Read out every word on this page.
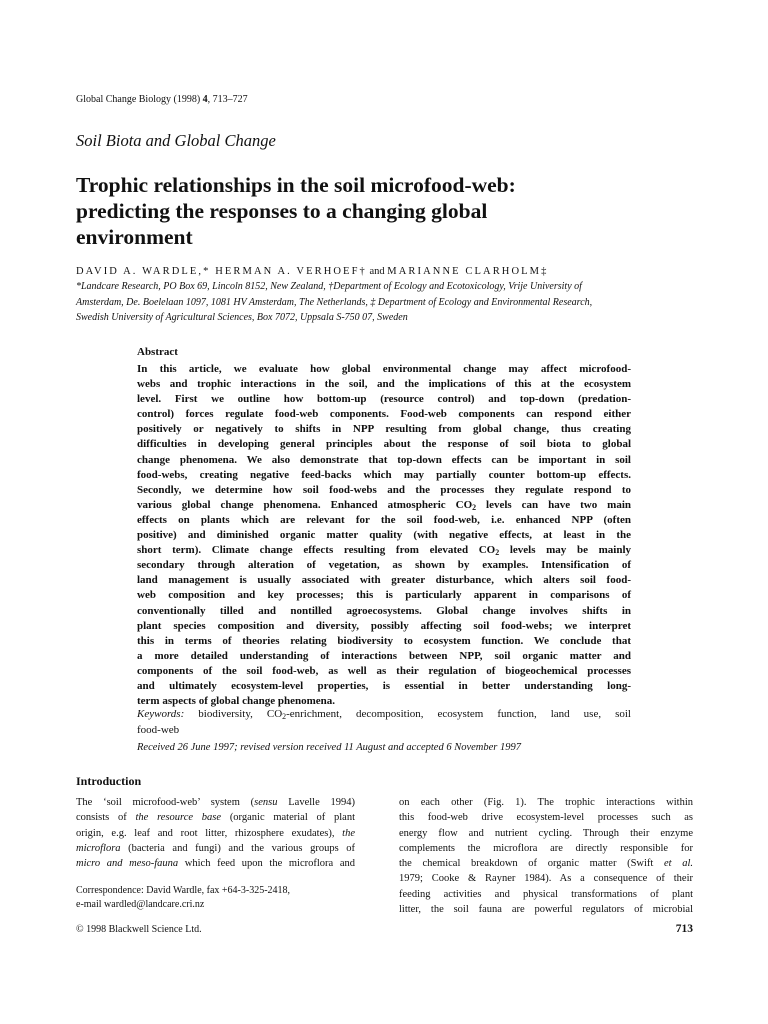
Global Change Biology (1998) 4, 713–727
Soil Biota and Global Change
Trophic relationships in the soil microfood-web:
predicting the responses to a changing global
environment
DAVID A. WARDLE,* HERMAN A. VERHOEF† and MARIANNE CLARHOLM‡
*Landcare Research, PO Box 69, Lincoln 8152, New Zealand, †Department of Ecology and Ecotoxicology, Vrije University of
Amsterdam, De. Boelelaan 1097, 1081 HV Amsterdam, The Netherlands, ‡ Department of Ecology and Environmental Research,
Swedish University of Agricultural Sciences, Box 7072, Uppsala S-750 07, Sweden
Abstract
In this article, we evaluate how global environmental change may affect microfood-
webs and trophic interactions in the soil, and the implications of this at the ecosystem
level. First we outline how bottom-up (resource control) and top-down (predation-
control) forces regulate food-web components. Food-web components can respond either
positively or negatively to shifts in NPP resulting from global change, thus creating
difficulties in developing general principles about the response of soil biota to global
change phenomena. We also demonstrate that top-down effects can be important in soil
food-webs, creating negative feed-backs which may partially counter bottom-up effects.
Secondly, we determine how soil food-webs and the processes they regulate respond to
various global change phenomena. Enhanced atmospheric $CO_2$ levels can have two main
effects on plants which are relevant for the soil food-web, i.e. enhanced NPP (often
positive) and diminished organic matter quality (with negative effects, at least in the
short term). Climate change effects resulting from elevated $CO_2$ levels may be mainly
secondary through alteration of vegetation, as shown by examples. Intensification of
land management is usually associated with greater disturbance, which alters soil food-
web composition and key processes; this is particularly apparent in comparisons of
conventionally tilled and nontilled agroecosystems. Global change involves shifts in
plant species composition and diversity, possibly affecting soil food-webs; we interpret
this in terms of theories relating biodiversity to ecosystem function. We conclude that
a more detailed understanding of interactions between NPP, soil organic matter and
components of the soil food-web, as well as their regulation of biogeochemical processes
and ultimately ecosystem-level properties, is essential in better understanding long-
term aspects of global change phenomena.
Keywords: biodiversity, $CO_2$-enrichment, decomposition, ecosystem function, land use, soil
food-web
Received 26 June 1997; revised version received 11 August and accepted 6 November 1997
Introduction
The ‘soil microfood-web’ system (sensu Lavelle 1994)
consists of the resource base (organic material of plant
origin, e.g. leaf and root litter, rhizosphere exudates), the
microflora (bacteria and fungi) and the various groups of
micro and meso-fauna which feed upon the microflora and
on each other (Fig. 1). The trophic interactions within
this food-web drive ecosystem-level processes such as
energy flow and nutrient cycling. Through their enzyme
complements the microflora are directly responsible for
the chemical breakdown of organic matter (Swift et al.
1979; Cooke & Rayner 1984). As a consequence of their
feeding activities and physical transformations of plant
litter, the soil fauna are powerful regulators of microbial
Correspondence: David Wardle, fax +64-3-325-2418,
e-mail wardled@landcare.cri.nz
© 1998 Blackwell Science Ltd.	713
